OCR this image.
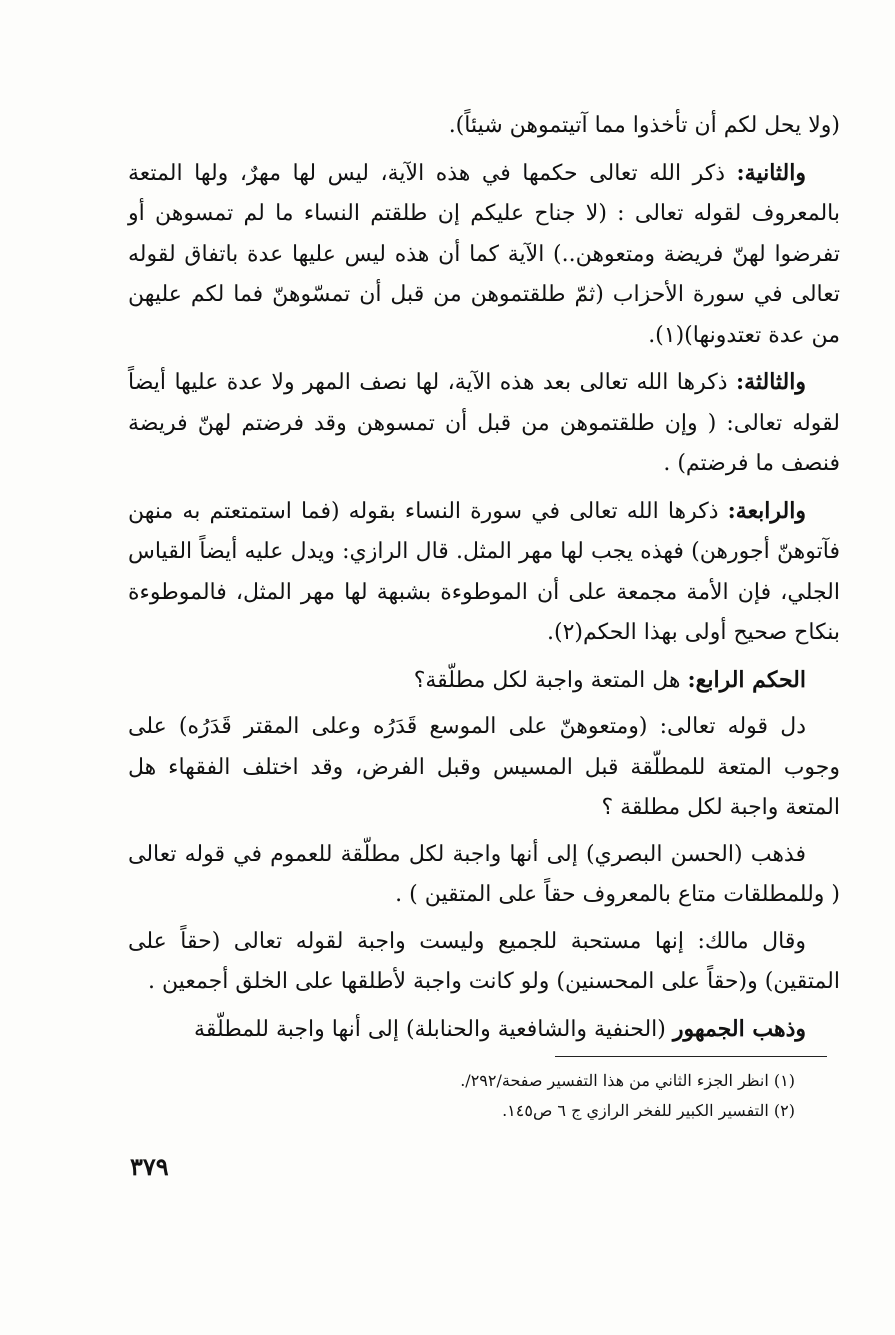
(ولا يحل لكم أن تأخذوا مما آتيتموهن شيئاً).

والثانية: ذكر الله تعالى حكمها في هذه الآية، ليس لها مهرٌ، ولها المتعة بالمعروف لقوله تعالى : (لا جناح عليكم إن طلقتم النساء ما لم تمسوهن أو تفرضوا لهنّ فريضة ومتعوهن..) الآية كما أن هذه ليس عليها عدة باتفاق لقوله تعالى في سورة الأحزاب (ثمّ طلقتموهن من قبل أن تمسّوهنّ فما لكم عليهن من عدة تعتدونها)(١).

والثالثة: ذكرها الله تعالى بعد هذه الآية، لها نصف المهر ولا عدة عليها أيضاً لقوله تعالى: ( وإن طلقتموهن من قبل أن تمسوهن وقد فرضتم لهنّ فريضة فنصف ما فرضتم) .

والرابعة: ذكرها الله تعالى في سورة النساء بقوله (فما استمتعتم به منهن فآتوهنّ أجورهن) فهذه يجب لها مهر المثل. قال الرازي: ويدل عليه أيضاً القياس الجلي، فإن الأمة مجمعة على أن الموطوءة بشبهة لها مهر المثل، فالموطوءة بنكاح صحيح أولى بهذا الحكم(٢).

الحكم الرابع: هل المتعة واجبة لكل مطلّقة؟

دل قوله تعالى: (ومتعوهنّ على الموسع قَدَرُه وعلى المقتر قَدَرُه) على وجوب المتعة للمطلّقة قبل المسيس وقبل الفرض، وقد اختلف الفقهاء هل المتعة واجبة لكل مطلقة ؟

فذهب (الحسن البصري) إلى أنها واجبة لكل مطلّقة للعموم في قوله تعالى ( وللمطلقات متاع بالمعروف حقاً على المتقين ) .

وقال مالك: إنها مستحبة للجميع وليست واجبة لقوله تعالى (حقاً على المتقين) و(حقاً على المحسنين) ولو كانت واجبة لأطلقها على الخلق أجمعين .

وذهب الجمهور (الحنفية والشافعية والحنابلة) إلى أنها واجبة للمطلّقة

(١) انظر الجزء الثاني من هذا التفسير صفحة/٢٩٢/.

(٢) التفسير الكبير للفخر الرازي ج ٦ ص١٤٥.

٣٧٩
